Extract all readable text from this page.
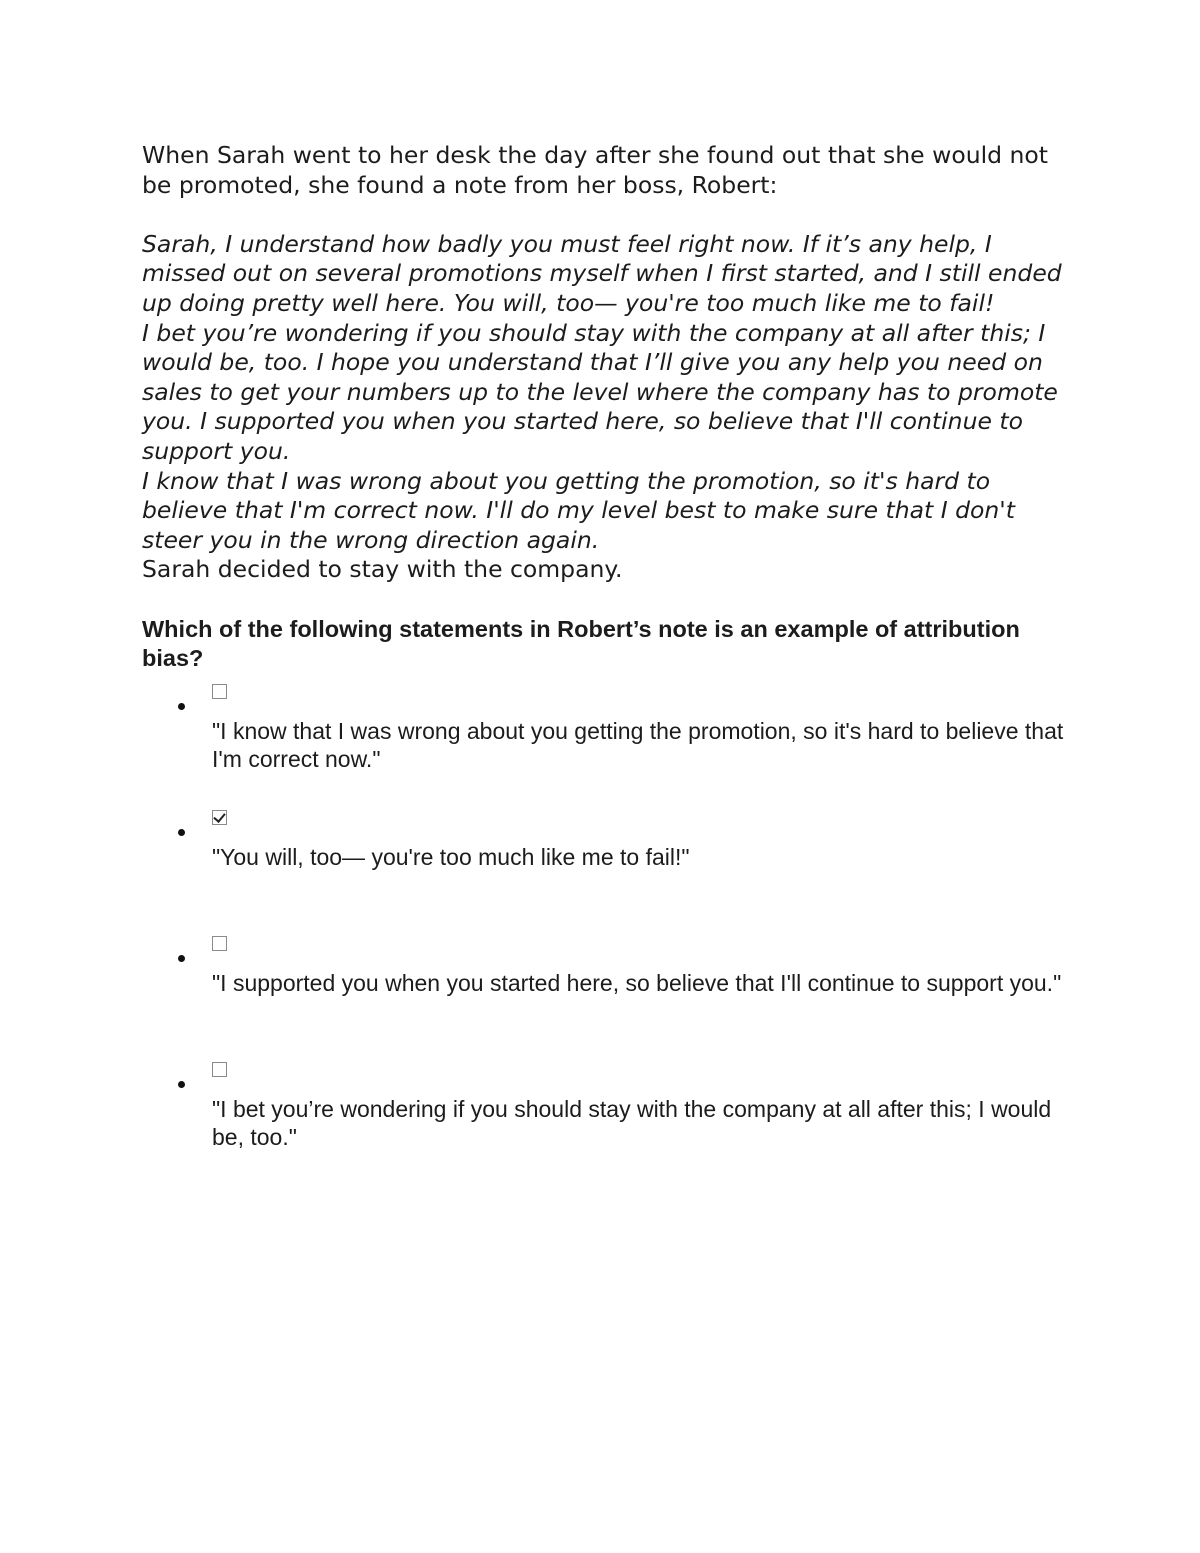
When Sarah went to her desk the day after she found out that she would not be promoted, she found a note from her boss, Robert:

Sarah, I understand how badly you must feel right now. If it’s any help, I missed out on several promotions myself when I first started, and I still ended up doing pretty well here. You will, too— you're too much like me to fail!

I bet you’re wondering if you should stay with the company at all after this; I would be, too. I hope you understand that I’ll give you any help you need on sales to get your numbers up to the level where the company has to promote you. I supported you when you started here, so believe that I'll continue to support you.

I know that I was wrong about you getting the promotion, so it's hard to believe that I'm correct now. I'll do my level best to make sure that I don't steer you in the wrong direction again.

Sarah decided to stay with the company.

Which of the following statements in Robert’s note is an example of attribution bias?

"I know that I was wrong about you getting the promotion, so it's hard to believe that I'm correct now."
"You will, too— you're too much like me to fail!"
"I supported you when you started here, so believe that I'll continue to support you."
"I bet you’re wondering if you should stay with the company at all after this; I would be, too."
